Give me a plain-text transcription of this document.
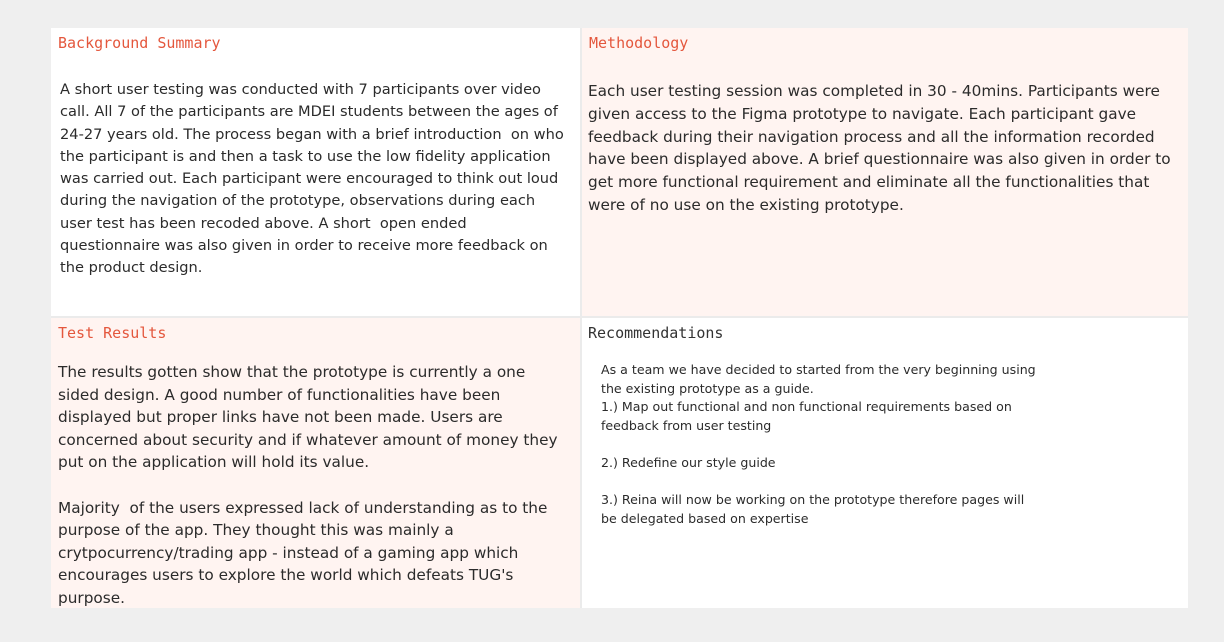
Background Summary

A short user testing was conducted with 7 participants over video call. All 7 of the participants are MDEI students between the ages of 24-27 years old. The process began with a brief introduction  on who the participant is and then a task to use the low fidelity application was carried out. Each participant were encouraged to think out loud during the navigation of the prototype, observations during each user test has been recoded above. A short  open ended questionnaire was also given in order to receive more feedback on the product design.

Methodology

Each user testing session was completed in 30 - 40mins. Participants were given access to the Figma prototype to navigate. Each participant gave feedback during their navigation process and all the information recorded have been displayed above. A brief questionnaire was also given in order to get more functional requirement and eliminate all the functionalities that were of no use on the existing prototype.

Test Results

The results gotten show that the prototype is currently a one sided design. A good number of functionalities have been displayed but proper links have not been made. Users are concerned about security and if whatever amount of money they put on the application will hold its value.

Majority  of the users expressed lack of understanding as to the purpose of the app. They thought this was mainly a crytpocurrency/trading app - instead of a gaming app which encourages users to explore the world which defeats TUG's purpose.

Recommendations

As a team we have decided to started from the very beginning using the existing prototype as a guide.
1.) Map out functional and non functional requirements based on feedback from user testing

2.) Redefine our style guide

3.) Reina will now be working on the prototype therefore pages will be delegated based on expertise
